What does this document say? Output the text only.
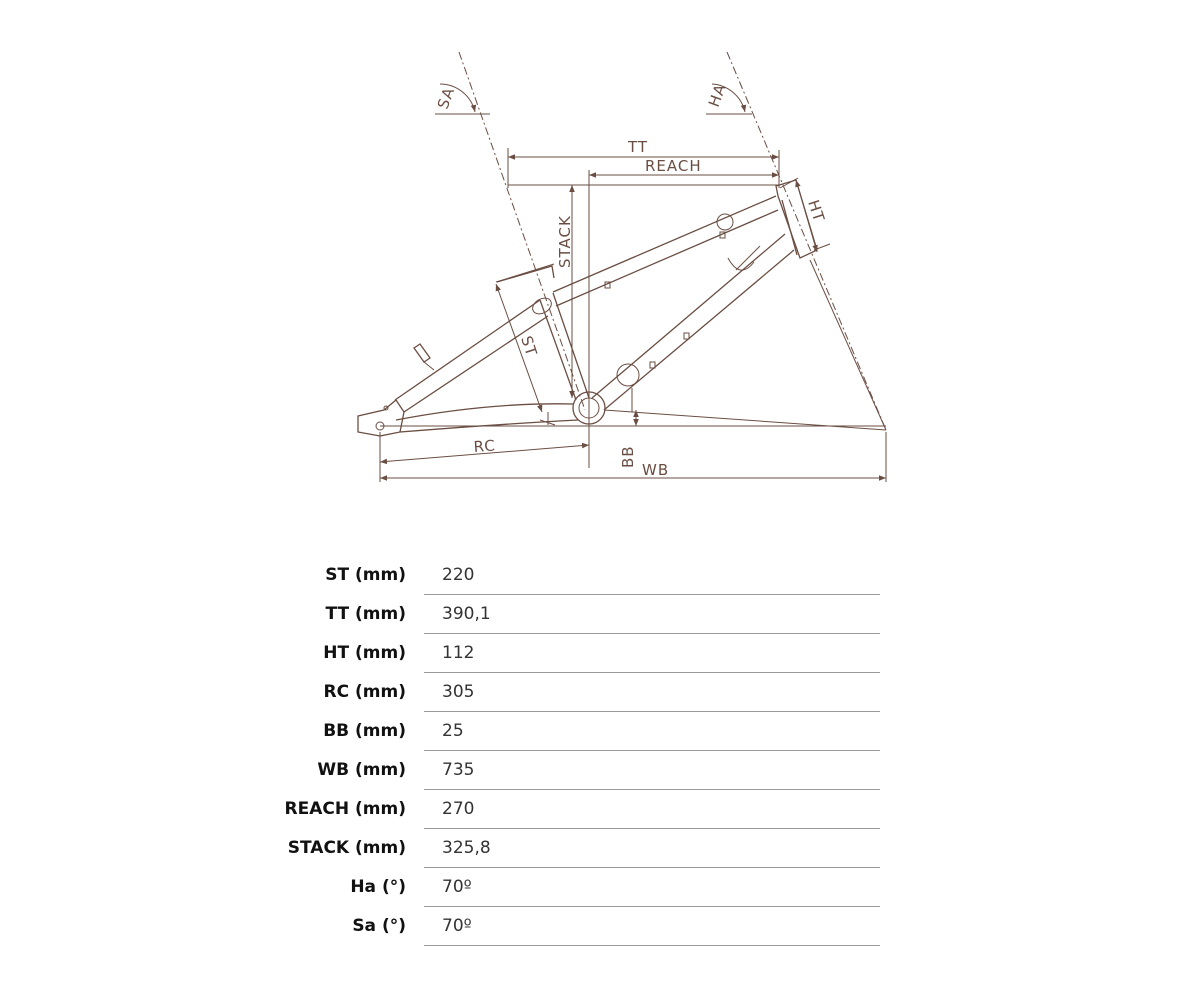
SA	HA
TT
REACH
STACK
HT
ST
BB
RC
WB
ST (mm) 220
TT (mm) 390,1
HT (mm) 112
RC (mm) 305
BB (mm) 25
WB (mm) 735
REACH (mm) 270
STACK (mm) 325,8
Ha (°) 70º
Sa (°) 70º
